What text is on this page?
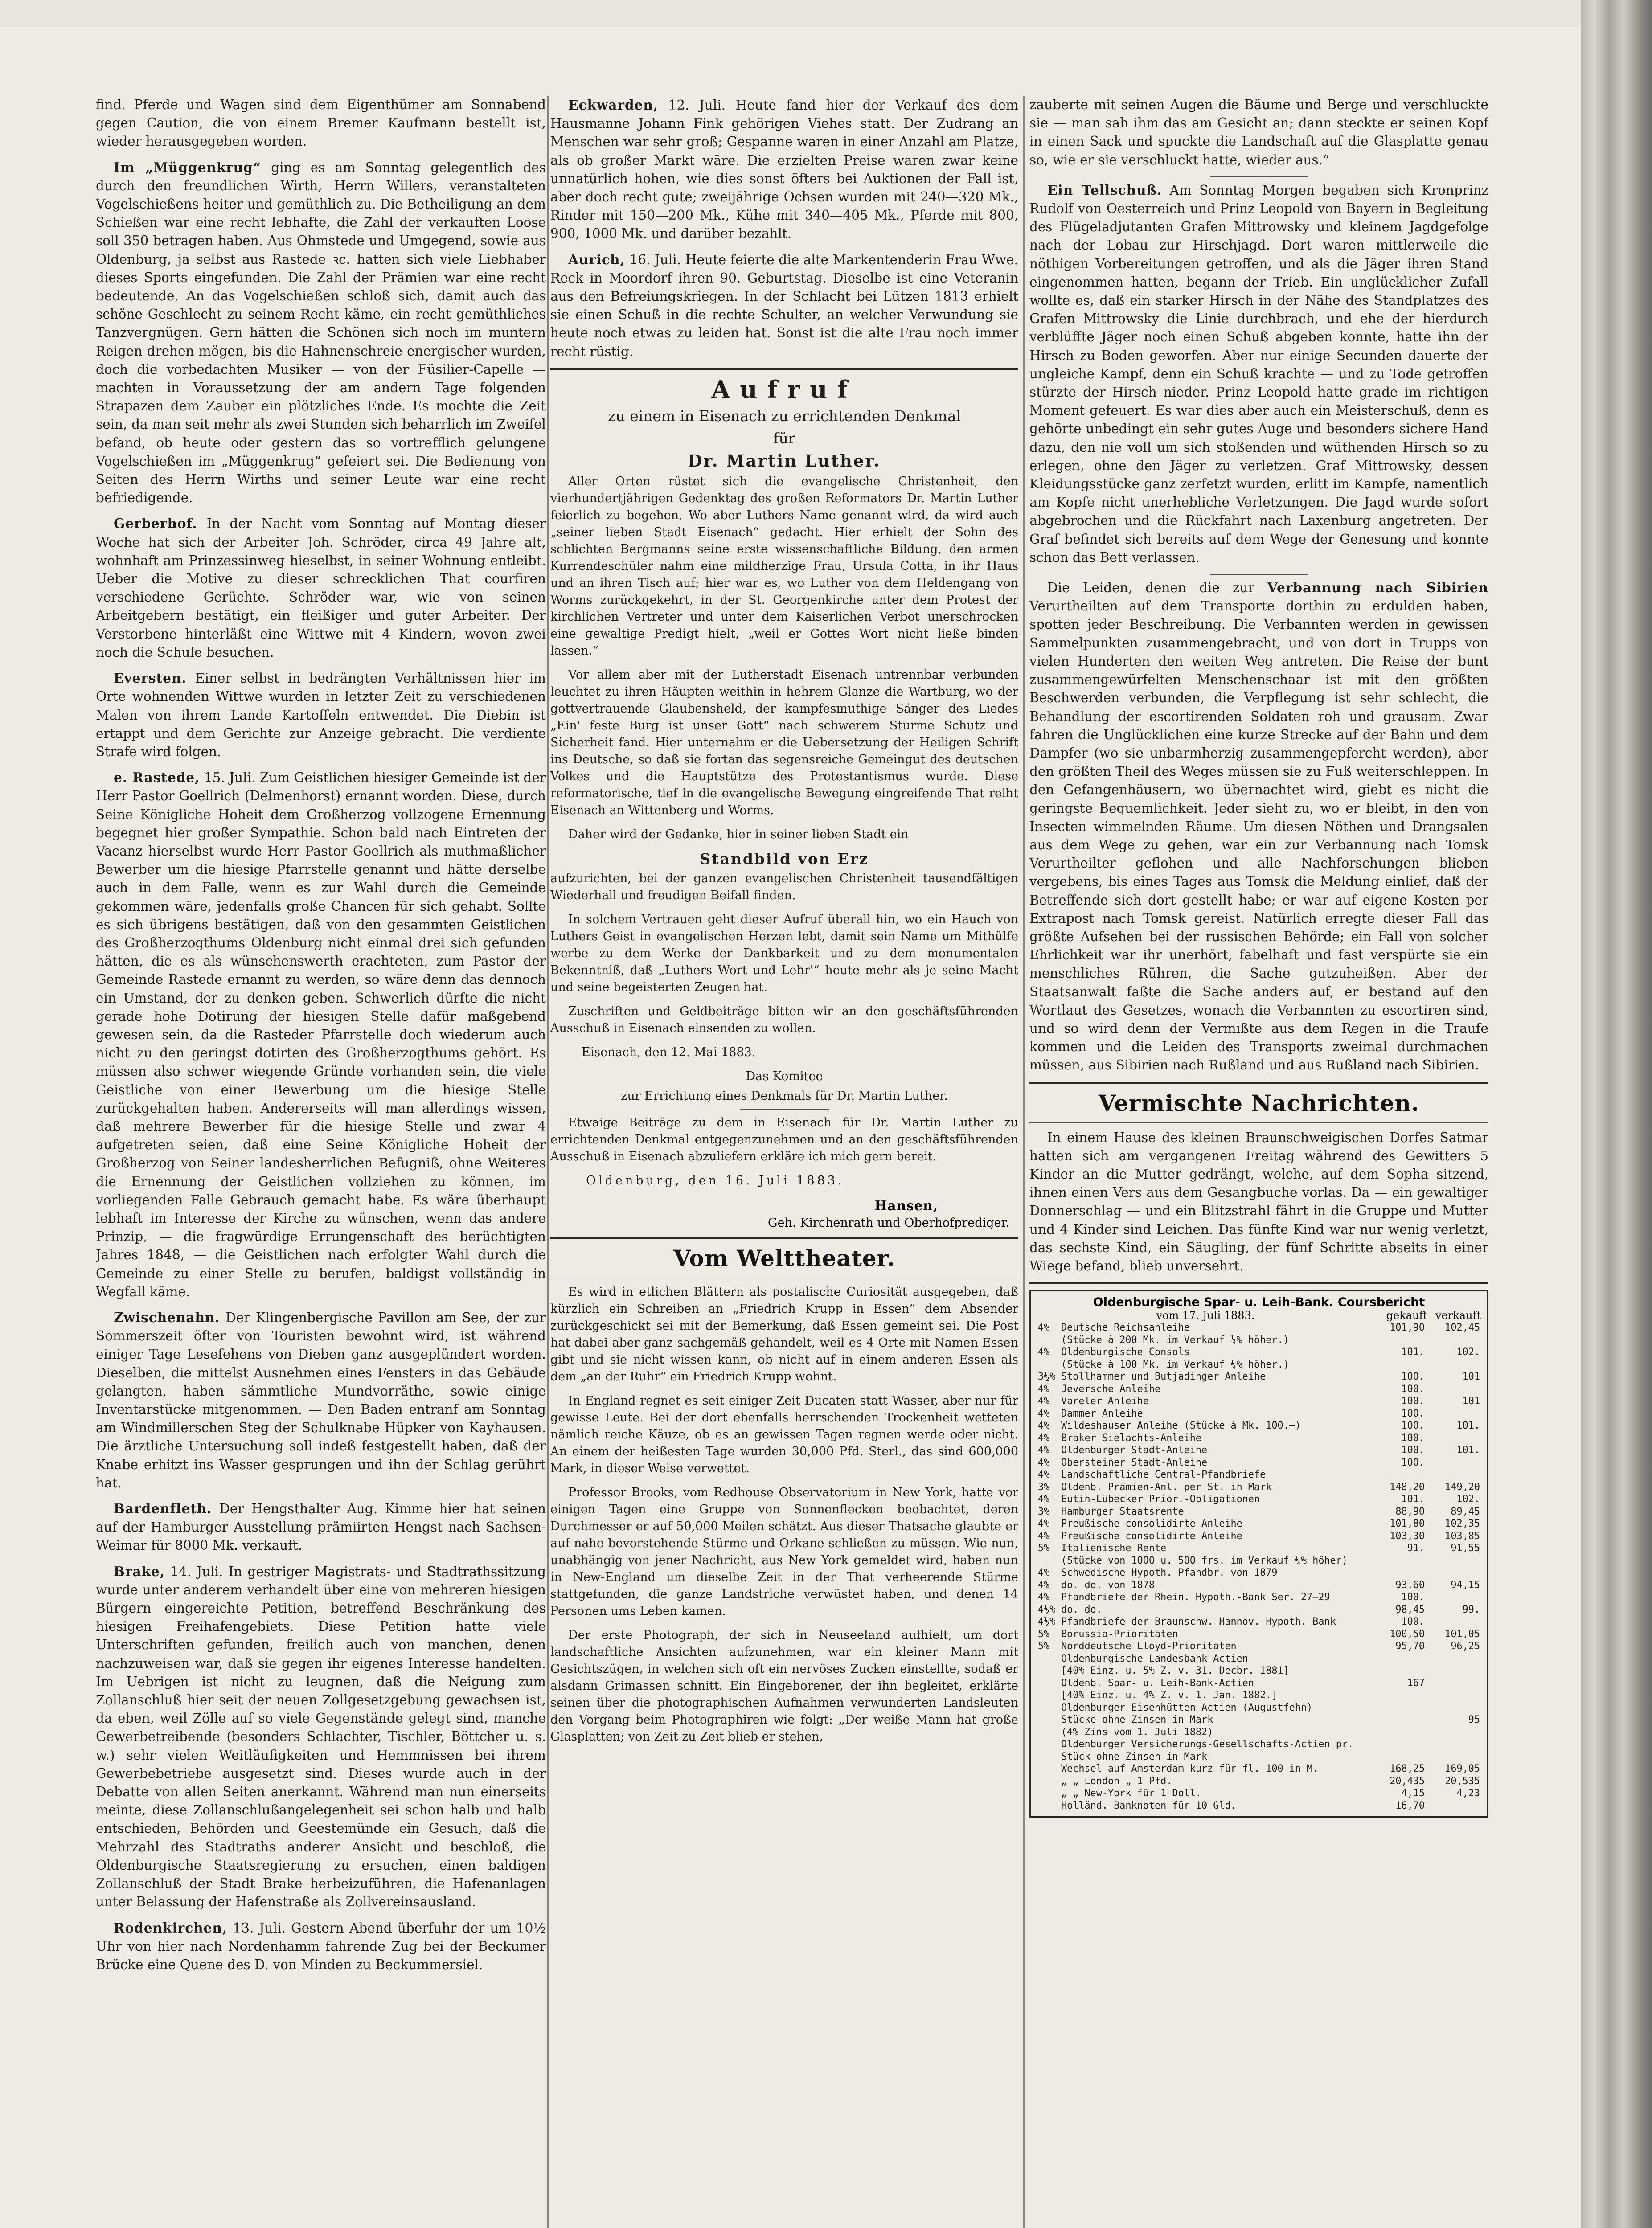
find. Pferde und Wagen sind dem Eigenthümer am Sonnabend gegen Caution, die von einem Bremer Kaufmann bestellt ist, wieder herausgegeben worden.

Im „Müggenkrug“ ging es am Sonntag gelegentlich des durch den freundlichen Wirth, Herrn Willers, veranstalteten Vogelschießens heiter und gemüthlich zu. Die Betheiligung an dem Schießen war eine recht lebhafte, die Zahl der verkauften Loose soll 350 betragen haben. Aus Ohmstede und Umgegend, sowie aus Oldenburg, ja selbst aus Rastede ꝛc. hatten sich viele Liebhaber dieses Sports eingefunden. Die Zahl der Prämien war eine recht bedeutende. An das Vogelschießen schloß sich, damit auch das schöne Geschlecht zu seinem Recht käme, ein recht gemüthliches Tanzvergnügen. Gern hätten die Schönen sich noch im muntern Reigen drehen mögen, bis die Hahnenschreie energischer wurden, doch die vorbedachten Musiker — von der Füsilier-Capelle — machten in Voraussetzung der am andern Tage folgenden Strapazen dem Zauber ein plötzliches Ende. Es mochte die Zeit sein, da man seit mehr als zwei Stunden sich beharrlich im Zweifel befand, ob heute oder gestern das so vortrefflich gelungene Vogelschießen im „Müggenkrug“ gefeiert sei. Die Bedienung von Seiten des Herrn Wirths und seiner Leute war eine recht befriedigende.

Gerberhof. In der Nacht vom Sonntag auf Montag dieser Woche hat sich der Arbeiter Joh. Schröder, circa 49 Jahre alt, wohnhaft am Prinzessinweg hieselbst, in seiner Wohnung entleibt. Ueber die Motive zu dieser schrecklichen That courfiren verschiedene Gerüchte. Schröder war, wie von seinen Arbeitgebern bestätigt, ein fleißiger und guter Arbeiter. Der Verstorbene hinterläßt eine Wittwe mit 4 Kindern, wovon zwei noch die Schule besuchen.

Eversten. Einer selbst in bedrängten Verhältnissen hier im Orte wohnenden Wittwe wurden in letzter Zeit zu verschiedenen Malen von ihrem Lande Kartoffeln entwendet. Die Diebin ist ertappt und dem Gerichte zur Anzeige gebracht. Die verdiente Strafe wird folgen.

e. Rastede, 15. Juli. Zum Geistlichen hiesiger Gemeinde ist der Herr Pastor Goellrich (Delmenhorst) ernannt worden. Diese, durch Seine Königliche Hoheit dem Großherzog vollzogene Ernennung begegnet hier großer Sympathie. Schon bald nach Eintreten der Vacanz hierselbst wurde Herr Pastor Goellrich als muthmaßlicher Bewerber um die hiesige Pfarrstelle genannt und hätte derselbe auch in dem Falle, wenn es zur Wahl durch die Gemeinde gekommen wäre, jedenfalls große Chancen für sich gehabt. Sollte es sich übrigens bestätigen, daß von den gesammten Geistlichen des Großherzogthums Oldenburg nicht einmal drei sich gefunden hätten, die es als wünschenswerth erachteten, zum Pastor der Gemeinde Rastede ernannt zu werden, so wäre denn das dennoch ein Umstand, der zu denken geben. Schwerlich dürfte die nicht gerade hohe Dotirung der hiesigen Stelle dafür maßgebend gewesen sein, da die Rasteder Pfarrstelle doch wiederum auch nicht zu den geringst dotirten des Großherzogthums gehört. Es müssen also schwer wiegende Gründe vorhanden sein, die viele Geistliche von einer Bewerbung um die hiesige Stelle zurückgehalten haben. Andererseits will man allerdings wissen, daß mehrere Bewerber für die hiesige Stelle und zwar 4 aufgetreten seien, daß eine Seine Königliche Hoheit der Großherzog von Seiner landesherrlichen Befugniß, ohne Weiteres die Ernennung der Geistlichen vollziehen zu können, im vorliegenden Falle Gebrauch gemacht habe. Es wäre überhaupt lebhaft im Interesse der Kirche zu wünschen, wenn das andere Prinzip, — die fragwürdige Errungenschaft des berüchtigten Jahres 1848, — die Geistlichen nach erfolgter Wahl durch die Gemeinde zu einer Stelle zu berufen, baldigst vollständig in Wegfall käme.

Zwischenahn. Der Klingenbergische Pavillon am See, der zur Sommerszeit öfter von Touristen bewohnt wird, ist während einiger Tage Lesefehens von Dieben ganz ausgeplündert worden. Dieselben, die mittelst Ausnehmen eines Fensters in das Gebäude gelangten, haben sämmtliche Mundvorräthe, sowie einige Inventarstücke mitgenommen. — Den Baden entranf am Sonntag am Windmillerschen Steg der Schulknabe Hüpker von Kayhausen. Die ärztliche Untersuchung soll indeß festgestellt haben, daß der Knabe erhitzt ins Wasser gesprungen und ihn der Schlag gerührt hat.

Bardenfleth. Der Hengsthalter Aug. Kimme hier hat seinen auf der Hamburger Ausstellung prämiirten Hengst nach Sachsen-Weimar für 8000 Mk. verkauft.

Brake, 14. Juli. In gestriger Magistrats- und Stadtrathssitzung wurde unter anderem verhandelt über eine von mehreren hiesigen Bürgern eingereichte Petition, betreffend Beschränkung des hiesigen Freihafengebiets. Diese Petition hatte viele Unterschriften gefunden, freilich auch von manchen, denen nachzuweisen war, daß sie gegen ihr eigenes Interesse handelten. Im Uebrigen ist nicht zu leugnen, daß die Neigung zum Zollanschluß hier seit der neuen Zollgesetzgebung gewachsen ist, da eben, weil Zölle auf so viele Gegenstände gelegt sind, manche Gewerbetreibende (besonders Schlachter, Tischler, Böttcher u. s. w.) sehr vielen Weitläufigkeiten und Hemmnissen bei ihrem Gewerbebetriebe ausgesetzt sind. Dieses wurde auch in der Debatte von allen Seiten anerkannt. Während man nun einerseits meinte, diese Zollanschlußangelegenheit sei schon halb und halb entschieden, Behörden und Geestemünde ein Gesuch, daß die Mehrzahl des Stadtraths anderer Ansicht und beschloß, die Oldenburgische Staatsregierung zu ersuchen, einen baldigen Zollanschluß der Stadt Brake herbeizuführen, die Hafenanlagen unter Belassung der Hafenstraße als Zollvereinsausland.

Rodenkirchen, 13. Juli. Gestern Abend überfuhr der um 10½ Uhr von hier nach Nordenhamm fahrende Zug bei der Beckumer Brücke eine Quene des D. von Minden zu Beckummersiel.

Eckwarden, 12. Juli. Heute fand hier der Verkauf des dem Hausmanne Johann Fink gehörigen Viehes statt. Der Zudrang an Menschen war sehr groß; Gespanne waren in einer Anzahl am Platze, als ob großer Markt wäre. Die erzielten Preise waren zwar keine unnatürlich hohen, wie dies sonst öfters bei Auktionen der Fall ist, aber doch recht gute; zweijährige Ochsen wurden mit 240—320 Mk., Rinder mit 150—200 Mk., Kühe mit 340—405 Mk., Pferde mit 800, 900, 1000 Mk. und darüber bezahlt.

Aurich, 16. Juli. Heute feierte die alte Markentenderin Frau Wwe. Reck in Moordorf ihren 90. Geburtstag. Dieselbe ist eine Veteranin aus den Befreiungskriegen. In der Schlacht bei Lützen 1813 erhielt sie einen Schuß in die rechte Schulter, an welcher Verwundung sie heute noch etwas zu leiden hat. Sonst ist die alte Frau noch immer recht rüstig.

Aufruf
zu einem in Eisenach zu errichtenden Denkmal
für
Dr. Martin Luther.

Aller Orten rüstet sich die evangelische Christenheit, den vierhundertjährigen Gedenktag des großen Reformators Dr. Martin Luther feierlich zu begehen. Wo aber Luthers Name genannt wird, da wird auch „seiner lieben Stadt Eisenach“ gedacht. Hier erhielt der Sohn des schlichten Bergmanns seine erste wissenschaftliche Bildung, den armen Kurrendeschüler nahm eine mildherzige Frau, Ursula Cotta, in ihr Haus und an ihren Tisch auf; hier war es, wo Luther von dem Heldengang von Worms zurückgekehrt, in der St. Georgenkirche unter dem Protest der kirchlichen Vertreter und unter dem Kaiserlichen Verbot unerschrocken eine gewaltige Predigt hielt, „weil er Gottes Wort nicht ließe binden lassen.“

Vor allem aber mit der Lutherstadt Eisenach untrennbar verbunden leuchtet zu ihren Häupten weithin in hehrem Glanze die Wartburg, wo der gottvertrauende Glaubensheld, der kampfesmuthige Sänger des Liedes „Ein' feste Burg ist unser Gott“ nach schwerem Sturme Schutz und Sicherheit fand. Hier unternahm er die Uebersetzung der Heiligen Schrift ins Deutsche, so daß sie fortan das segensreiche Gemeingut des deutschen Volkes und die Hauptstütze des Protestantismus wurde. Diese reformatorische, tief in die evangelische Bewegung eingreifende That reiht Eisenach an Wittenberg und Worms.

Daher wird der Gedanke, hier in seiner lieben Stadt ein

Standbild von Erz

aufzurichten, bei der ganzen evangelischen Christenheit tausendfältigen Wiederhall und freudigen Beifall finden.

In solchem Vertrauen geht dieser Aufruf überall hin, wo ein Hauch von Luthers Geist in evangelischen Herzen lebt, damit sein Name um Mithülfe werbe zu dem Werke der Dankbarkeit und zu dem monumentalen Bekenntniß, daß „Luthers Wort und Lehr'“ heute mehr als je seine Macht und seine begeisterten Zeugen hat.

Zuschriften und Geldbeiträge bitten wir an den geschäftsführenden Ausschuß in Eisenach einsenden zu wollen.

Eisenach, den 12. Mai 1883.

Das Komitee
zur Errichtung eines Denkmals für Dr. Martin Luther.

Etwaige Beiträge zu dem in Eisenach für Dr. Martin Luther zu errichtenden Denkmal entgegenzunehmen und an den geschäftsführenden Ausschuß in Eisenach abzuliefern erkläre ich mich gern bereit.

Oldenburg, den 16. Juli 1883.

Hansen,
Geh. Kirchenrath und Oberhofprediger.
Vom Welttheater.

Es wird in etlichen Blättern als postalische Curiosität ausgegeben, daß kürzlich ein Schreiben an „Friedrich Krupp in Essen“ dem Absender zurückgeschickt sei mit der Bemerkung, daß Essen gemeint sei. Die Post hat dabei aber ganz sachgemäß gehandelt, weil es 4 Orte mit Namen Essen gibt und sie nicht wissen kann, ob nicht auf in einem anderen Essen als dem „an der Ruhr“ ein Friedrich Krupp wohnt.

In England regnet es seit einiger Zeit Ducaten statt Wasser, aber nur für gewisse Leute. Bei der dort ebenfalls herrschenden Trockenheit wetteten nämlich reiche Käuze, ob es an gewissen Tagen regnen werde oder nicht. An einem der heißesten Tage wurden 30,000 Pfd. Sterl., das sind 600,000 Mark, in dieser Weise verwettet.

Professor Brooks, vom Redhouse Observatorium in New York, hatte vor einigen Tagen eine Gruppe von Sonnenflecken beobachtet, deren Durchmesser er auf 50,000 Meilen schätzt. Aus dieser Thatsache glaubte er auf nahe bevorstehende Stürme und Orkane schließen zu müssen. Wie nun, unabhängig von jener Nachricht, aus New York gemeldet wird, haben nun in New-England um dieselbe Zeit in der That verheerende Stürme stattgefunden, die ganze Landstriche verwüstet haben, und denen 14 Personen ums Leben kamen.

Der erste Photograph, der sich in Neuseeland aufhielt, um dort landschaftliche Ansichten aufzunehmen, war ein kleiner Mann mit Gesichtszügen, in welchen sich oft ein nervöses Zucken einstellte, sodaß er alsdann Grimassen schnitt. Ein Eingeborener, der ihn begleitet, erklärte seinen über die photographischen Aufnahmen verwunderten Landsleuten den Vorgang beim Photographiren wie folgt: „Der weiße Mann hat große Glasplatten; von Zeit zu Zeit blieb er stehen,

zauberte mit seinen Augen die Bäume und Berge und verschluckte sie — man sah ihm das am Gesicht an; dann steckte er seinen Kopf in einen Sack und spuckte die Landschaft auf die Glasplatte genau so, wie er sie verschluckt hatte, wieder aus.“

Ein Tellschuß. Am Sonntag Morgen begaben sich Kronprinz Rudolf von Oesterreich und Prinz Leopold von Bayern in Begleitung des Flügeladjutanten Grafen Mittrowsky und kleinem Jagdgefolge nach der Lobau zur Hirschjagd. Dort waren mittlerweile die nöthigen Vorbereitungen getroffen, und als die Jäger ihren Stand eingenommen hatten, begann der Trieb. Ein unglücklicher Zufall wollte es, daß ein starker Hirsch in der Nähe des Standplatzes des Grafen Mittrowsky die Linie durchbrach, und ehe der hierdurch verblüffte Jäger noch einen Schuß abgeben konnte, hatte ihn der Hirsch zu Boden geworfen. Aber nur einige Secunden dauerte der ungleiche Kampf, denn ein Schuß krachte — und zu Tode getroffen stürzte der Hirsch nieder. Prinz Leopold hatte grade im richtigen Moment gefeuert. Es war dies aber auch ein Meisterschuß, denn es gehörte unbedingt ein sehr gutes Auge und besonders sichere Hand dazu, den nie voll um sich stoßenden und wüthenden Hirsch so zu erlegen, ohne den Jäger zu verletzen. Graf Mittrowsky, dessen Kleidungsstücke ganz zerfetzt wurden, erlitt im Kampfe, namentlich am Kopfe nicht unerhebliche Verletzungen. Die Jagd wurde sofort abgebrochen und die Rückfahrt nach Laxenburg angetreten. Der Graf befindet sich bereits auf dem Wege der Genesung und konnte schon das Bett verlassen.

Die Leiden, denen die zur Verbannung nach Sibirien Verurtheilten auf dem Transporte dorthin zu erdulden haben, spotten jeder Beschreibung. Die Verbannten werden in gewissen Sammelpunkten zusammengebracht, und von dort in Trupps von vielen Hunderten den weiten Weg antreten. Die Reise der bunt zusammengewürfelten Menschenschaar ist mit den größten Beschwerden verbunden, die Verpflegung ist sehr schlecht, die Behandlung der escortirenden Soldaten roh und grausam. Zwar fahren die Unglücklichen eine kurze Strecke auf der Bahn und dem Dampfer (wo sie unbarmherzig zusammengepfercht werden), aber den größten Theil des Weges müssen sie zu Fuß weiterschleppen. In den Gefangenhäusern, wo übernachtet wird, giebt es nicht die geringste Bequemlichkeit. Jeder sieht zu, wo er bleibt, in den von Insecten wimmelnden Räume. Um diesen Nöthen und Drangsalen aus dem Wege zu gehen, war ein zur Verbannung nach Tomsk Verurtheilter geflohen und alle Nachforschungen blieben vergebens, bis eines Tages aus Tomsk die Meldung einlief, daß der Betreffende sich dort gestellt habe; er war auf eigene Kosten per Extrapost nach Tomsk gereist. Natürlich erregte dieser Fall das größte Aufsehen bei der russischen Behörde; ein Fall von solcher Ehrlichkeit war ihr unerhört, fabelhaft und fast verspürte sie ein menschliches Rühren, die Sache gutzuheißen. Aber der Staatsanwalt faßte die Sache anders auf, er bestand auf den Wortlaut des Gesetzes, wonach die Verbannten zu escortiren sind, und so wird denn der Vermißte aus dem Regen in die Traufe kommen und die Leiden des Transports zweimal durchmachen müssen, aus Sibirien nach Rußland und aus Rußland nach Sibirien.

Vermischte Nachrichten.

In einem Hause des kleinen Braunschweigischen Dorfes Satmar hatten sich am vergangenen Freitag während des Gewitters 5 Kinder an die Mutter gedrängt, welche, auf dem Sopha sitzend, ihnen einen Vers aus dem Gesangbuche vorlas. Da — ein gewaltiger Donnerschlag — und ein Blitzstrahl fährt in die Gruppe und Mutter und 4 Kinder sind Leichen. Das fünfte Kind war nur wenig verletzt, das sechste Kind, ein Säugling, der fünf Schritte abseits in einer Wiege befand, blieb unversehrt.

Oldenburgische Spar- u. Leih-Bank. Coursbericht
vom 17. Juli 1883.	gekauft verkauft
4%	Deutsche Reichsanleihe	101,90	102,45
	(Stücke à 200 Mk. im Verkauf ¼% höher.)		
4%	Oldenburgische Consols	101.	102.
	(Stücke à 100 Mk. im Verkauf ¼% höher.)		
3½%	Stollhammer und Butjadinger Anleihe	100.	101
4%	Jeversche Anleihe	100.	
4%	Vareler Anleihe	100.	101
4%	Dammer Anleihe	100.	
4%	Wildeshauser Anleihe (Stücke à Mk. 100.–)	100.	101.
4%	Braker Sielachts-Anleihe	100.	
4%	Oldenburger Stadt-Anleihe	100.	101.
4%	Obersteiner Stadt-Anleihe	100.	
4%	Landschaftliche Central-Pfandbriefe		
3%	Oldenb. Prämien-Anl. per St. in Mark	148,20	149,20
4%	Eutin-Lübecker Prior.-Obligationen	101.	102.
3%	Hamburger Staatsrente	88,90	89,45
4%	Preußische consolidirte Anleihe	101,80	102,35
4%	Preußische consolidirte Anleihe	103,30	103,85
5%	Italienische Rente	91.	91,55
	(Stücke von 1000 u. 500 frs. im Verkauf ¼% höher)		
4%	Schwedische Hypoth.-Pfandbr. von 1879		
4%	do. do. von 1878	93,60	94,15
4%	Pfandbriefe der Rhein. Hypoth.-Bank Ser. 27–29	100.	
4½%	do. do.	98,45	99.
4½%	Pfandbriefe der Braunschw.-Hannov. Hypoth.-Bank	100.	
5%	Borussia-Prioritäten	100,50	101,05
5%	Norddeutsche Lloyd-Prioritäten	95,70	96,25
	Oldenburgische Landesbank-Actien		
	[40% Einz. u. 5% Z. v. 31. Decbr. 1881]		
	Oldenb. Spar- u. Leih-Bank-Actien	167	
	[40% Einz. u. 4% Z. v. 1. Jan. 1882.]		
	Oldenburger Eisenhütten-Actien (Augustfehn)		
	Stücke ohne Zinsen in Mark		95
	(4% Zins vom 1. Juli 1882)		
	Oldenburger Versicherungs-Gesellschafts-Actien pr.		
	Stück ohne Zinsen in Mark		
	Wechsel auf Amsterdam kurz für fl. 100 in M.	168,25	169,05
	„ „ London „ 1 Pfd.	20,435	20,535
	„ „ New-York für 1 Doll.	4,15	4,23
	Holländ. Banknoten für 10 Gld.	16,70	
